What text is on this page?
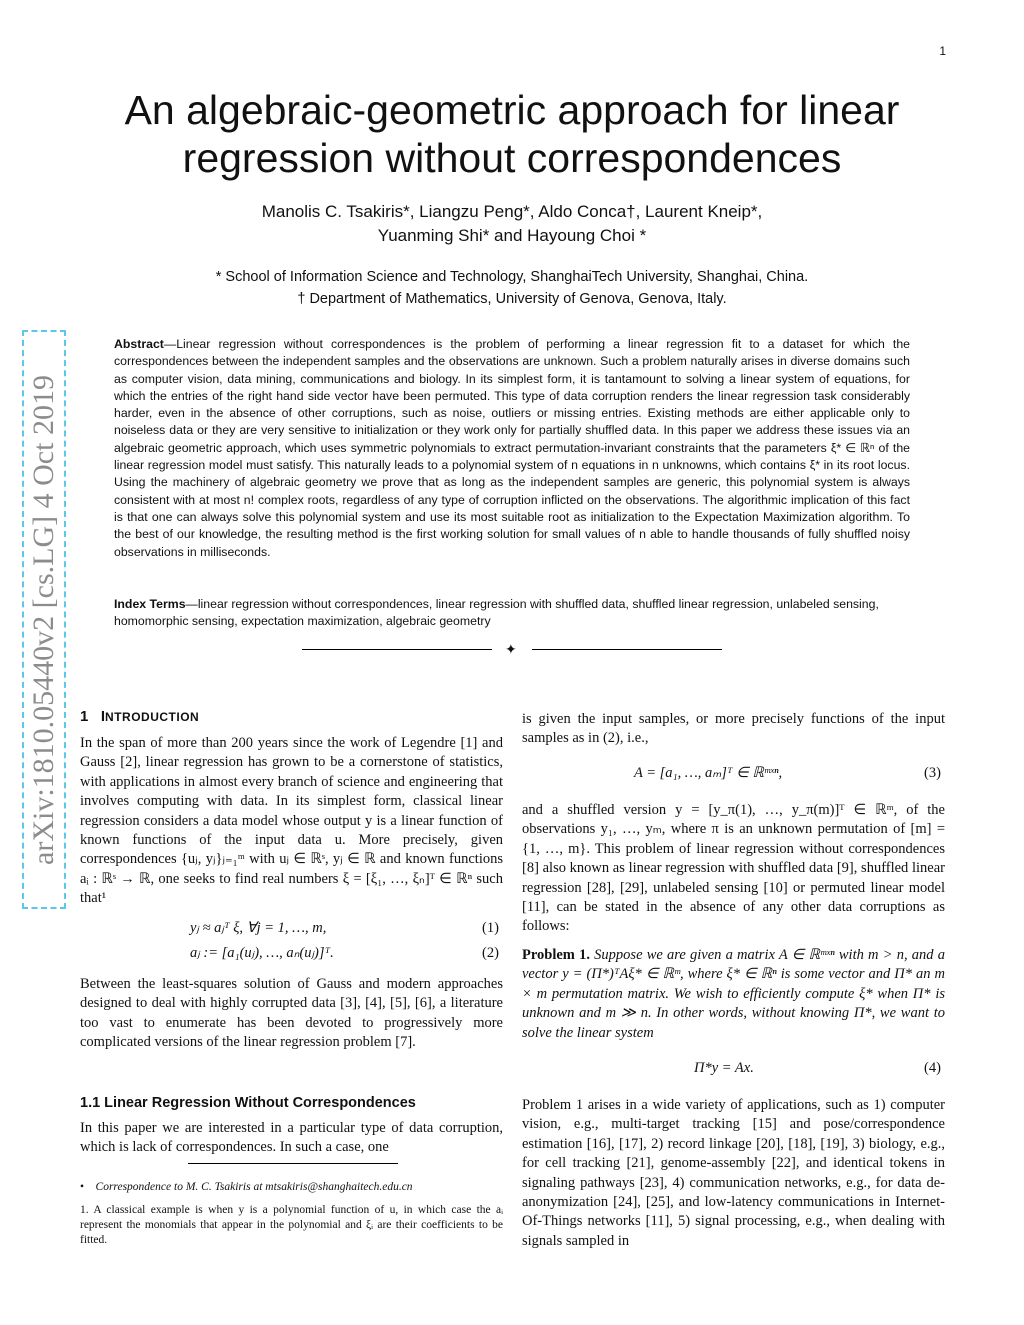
1
An algebraic-geometric approach for linear regression without correspondences
Manolis C. Tsakiris*, Liangzu Peng*, Aldo Conca†, Laurent Kneip*,
Yuanming Shi* and Hayoung Choi *
* School of Information Science and Technology, ShanghaiTech University, Shanghai, China.
† Department of Mathematics, University of Genova, Genova, Italy.
Abstract—Linear regression without correspondences is the problem of performing a linear regression fit to a dataset for which the correspondences between the independent samples and the observations are unknown. Such a problem naturally arises in diverse domains such as computer vision, data mining, communications and biology. In its simplest form, it is tantamount to solving a linear system of equations, for which the entries of the right hand side vector have been permuted. This type of data corruption renders the linear regression task considerably harder, even in the absence of other corruptions, such as noise, outliers or missing entries. Existing methods are either applicable only to noiseless data or they are very sensitive to initialization or they work only for partially shuffled data. In this paper we address these issues via an algebraic geometric approach, which uses symmetric polynomials to extract permutation-invariant constraints that the parameters ξ* ∈ ℝⁿ of the linear regression model must satisfy. This naturally leads to a polynomial system of n equations in n unknowns, which contains ξ* in its root locus. Using the machinery of algebraic geometry we prove that as long as the independent samples are generic, this polynomial system is always consistent with at most n! complex roots, regardless of any type of corruption inflicted on the observations. The algorithmic implication of this fact is that one can always solve this polynomial system and use its most suitable root as initialization to the Expectation Maximization algorithm. To the best of our knowledge, the resulting method is the first working solution for small values of n able to handle thousands of fully shuffled noisy observations in milliseconds.
Index Terms—linear regression without correspondences, linear regression with shuffled data, shuffled linear regression, unlabeled sensing, homomorphic sensing, expectation maximization, algebraic geometry
✦
arXiv:1810.05440v2 [cs.LG] 4 Oct 2019 1 INTRODUCTION
In the span of more than 200 years since the work of Legendre [1] and Gauss [2], linear regression has grown to be a cornerstone of statistics, with applications in almost every branch of science and engineering that involves computing with data. In its simplest form, classical linear regression considers a data model whose output y is a linear function of known functions of the input data u. More precisely, given correspondences {uⱼ, yⱼ}ⱼ₌₁ᵐ with uⱼ ∈ ℝˢ, yⱼ ∈ ℝ and known functions aᵢ : ℝˢ → ℝ, one seeks to find real numbers ξ = [ξ₁, …, ξₙ]ᵀ ∈ ℝⁿ such that¹
yⱼ ≈ aⱼᵀ ξ, ∀j = 1, …, m,	(1)
aⱼ := [a₁(uⱼ), …, aₙ(uⱼ)]ᵀ.	(2)
Between the least-squares solution of Gauss and modern approaches designed to deal with highly corrupted data [3], [4], [5], [6], a literature too vast to enumerate has been devoted to progressively more complicated versions of the linear regression problem [7].
1.1 Linear Regression Without Correspondences
In this paper we are interested in a particular type of data corruption, which is lack of correspondences. In such a case, one
• Correspondence to M. C. Tsakiris at mtsakiris@shanghaitech.edu.cn
1. A classical example is when y is a polynomial function of u, in which case the aᵢ represent the monomials that appear in the polynomial and ξᵢ are their coefficients to be fitted.
is given the input samples, or more precisely functions of the input samples as in (2), i.e.,
A = [a₁, …, aₘ]ᵀ ∈ ℝᵐˣⁿ,	(3)
and a shuffled version y = [y_π(1), …, y_π(m)]ᵀ ∈ ℝᵐ, of the observations y₁, …, yₘ, where π is an unknown permutation of [m] = {1, …, m}. This problem of linear regression without correspondences [8] also known as linear regression with shuffled data [9], shuffled linear regression [28], [29], unlabeled sensing [10] or permuted linear model [11], can be stated in the absence of any other data corruptions as follows:
Problem 1. Suppose we are given a matrix A ∈ ℝᵐˣⁿ with m > n, and a vector y = (Π*)ᵀAξ* ∈ ℝᵐ, where ξ* ∈ ℝⁿ is some vector and Π* an m × m permutation matrix. We wish to efficiently compute ξ* when Π* is unknown and m ≫ n. In other words, without knowing Π*, we want to solve the linear system
Π*y = Ax.	(4)
Problem 1 arises in a wide variety of applications, such as 1) computer vision, e.g., multi-target tracking [15] and pose/correspondence estimation [16], [17], 2) record linkage [20], [18], [19], 3) biology, e.g., for cell tracking [21], genome-assembly [22], and identical tokens in signaling pathways [23], 4) communication networks, e.g., for data de-anonymization [24], [25], and low-latency communications in Internet-Of-Things networks [11], 5) signal processing, e.g., when dealing with signals sampled in
